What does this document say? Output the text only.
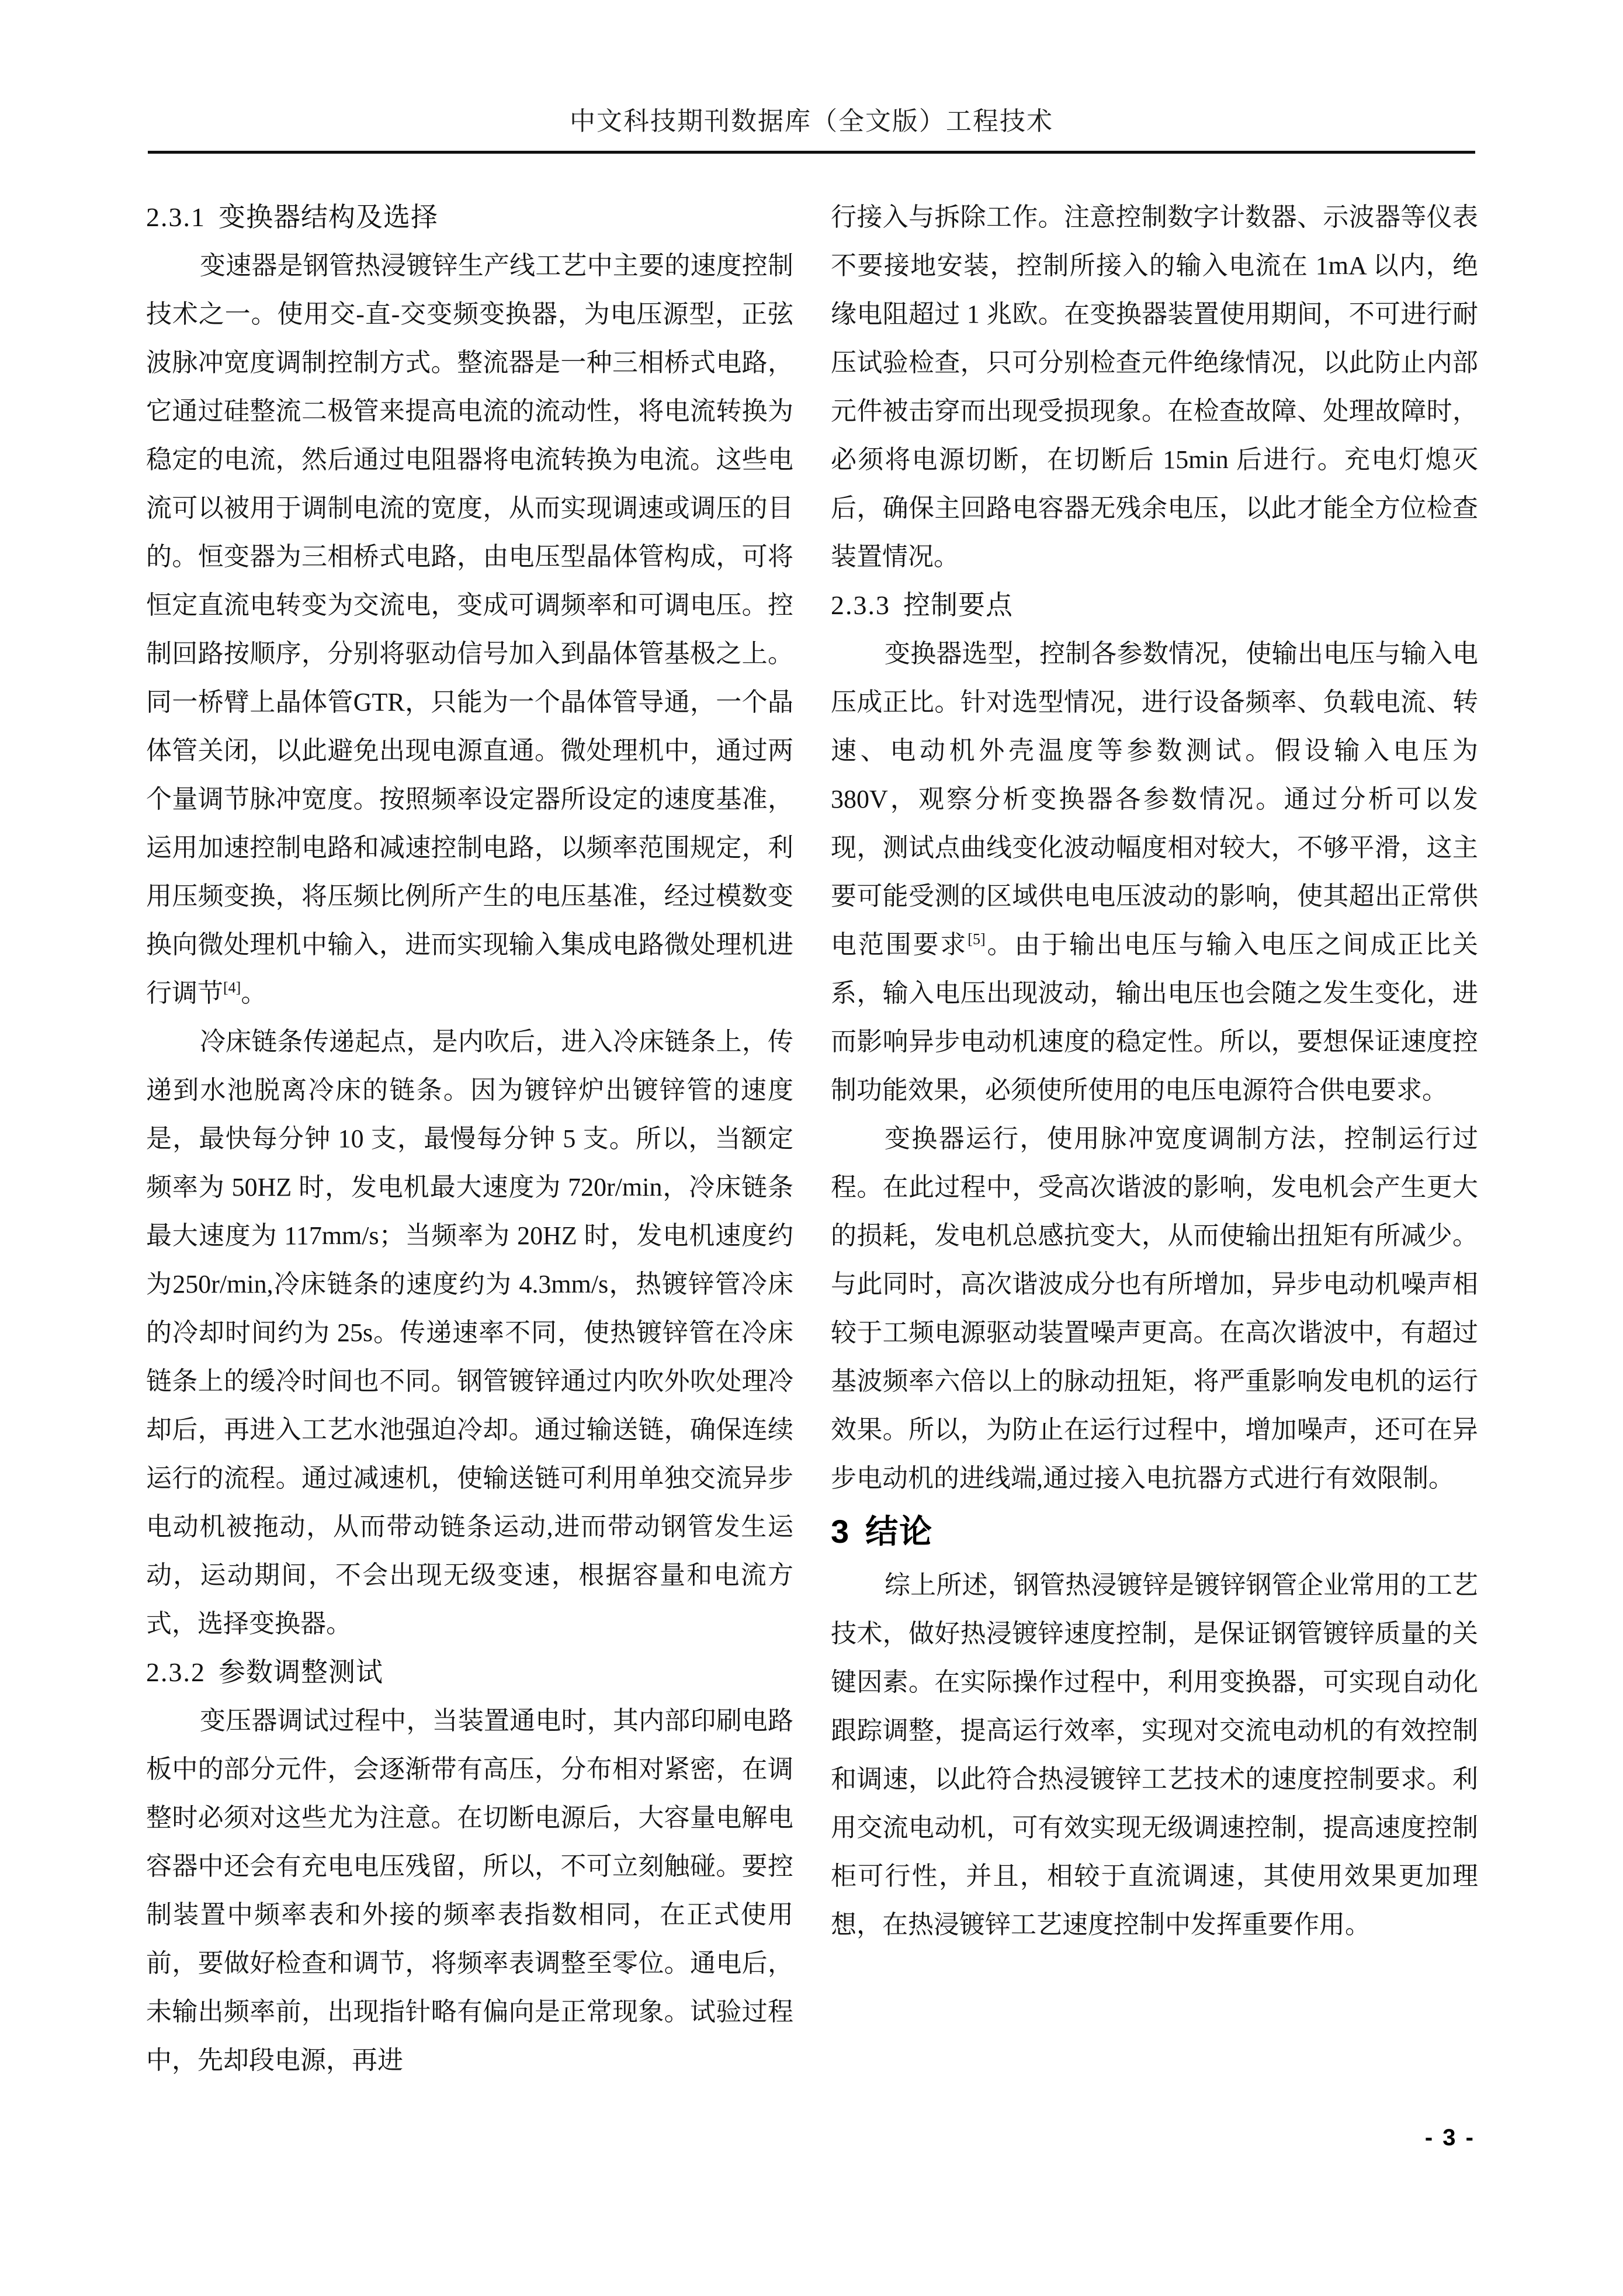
中文科技期刊数据库（全文版）工程技术
2.3.1 变换器结构及选择

变速器是钢管热浸镀锌生产线工艺中主要的速度控制技术之一。使用交-直-交变频变换器，为电压源型，正弦波脉冲宽度调制控制方式。整流器是一种三相桥式电路，它通过硅整流二极管来提高电流的流动性，将电流转换为稳定的电流，然后通过电阻器将电流转换为电流。这些电流可以被用于调制电流的宽度，从而实现调速或调压的目的。恒变器为三相桥式电路，由电压型晶体管构成，可将恒定直流电转变为交流电，变成可调频率和可调电压。控制回路按顺序，分别将驱动信号加入到晶体管基极之上。同一桥臂上晶体管GTR，只能为一个晶体管导通，一个晶体管关闭，以此避免出现电源直通。微处理机中，通过两个量调节脉冲宽度。按照频率设定器所设定的速度基准，运用加速控制电路和减速控制电路，以频率范围规定，利用压频变换，将压频比例所产生的电压基准，经过模数变换向微处理机中输入，进而实现输入集成电路微处理机进行调节[4]。

冷床链条传递起点，是内吹后，进入冷床链条上，传递到水池脱离冷床的链条。因为镀锌炉出镀锌管的速度是，最快每分钟 10 支，最慢每分钟 5 支。所以，当额定频率为 50HZ 时，发电机最大速度为 720r/min，冷床链条最大速度为 117mm/s；当频率为 20HZ 时，发电机速度约为250r/min,冷床链条的速度约为 4.3mm/s，热镀锌管冷床的冷却时间约为 25s。传递速率不同，使热镀锌管在冷床链条上的缓冷时间也不同。钢管镀锌通过内吹外吹处理冷却后，再进入工艺水池强迫冷却。通过输送链，确保连续运行的流程。通过减速机，使输送链可利用单独交流异步电动机被拖动，从而带动链条运动,进而带动钢管发生运动，运动期间，不会出现无级变速，根据容量和电流方式，选择变换器。

2.3.2 参数调整测试

变压器调试过程中，当装置通电时，其内部印刷电路板中的部分元件，会逐渐带有高压，分布相对紧密，在调整时必须对这些尤为注意。在切断电源后，大容量电解电容器中还会有充电电压残留，所以，不可立刻触碰。要控制装置中频率表和外接的频率表指数相同，在正式使用前，要做好检查和调节，将频率表调整至零位。通电后，未输出频率前，出现指针略有偏向是正常现象。试验过程中，先却段电源，再进

行接入与拆除工作。注意控制数字计数器、示波器等仪表不要接地安装，控制所接入的输入电流在 1mA 以内，绝缘电阻超过 1 兆欧。在变换器装置使用期间，不可进行耐压试验检查，只可分别检查元件绝缘情况，以此防止内部元件被击穿而出现受损现象。在检查故障、处理故障时，必须将电源切断，在切断后 15min 后进行。充电灯熄灭后，确保主回路电容器无残余电压，以此才能全方位检查装置情况。

2.3.3 控制要点

变换器选型，控制各参数情况，使输出电压与输入电压成正比。针对选型情况，进行设备频率、负载电流、转速、电动机外壳温度等参数测试。假设输入电压为 380V，观察分析变换器各参数情况。通过分析可以发现，测试点曲线变化波动幅度相对较大，不够平滑，这主要可能受测的区域供电电压波动的影响，使其超出正常供电范围要求[5]。由于输出电压与输入电压之间成正比关系，输入电压出现波动，输出电压也会随之发生变化，进而影响异步电动机速度的稳定性。所以，要想保证速度控制功能效果，必须使所使用的电压电源符合供电要求。

变换器运行，使用脉冲宽度调制方法，控制运行过程。在此过程中，受高次谐波的影响，发电机会产生更大的损耗，发电机总感抗变大，从而使输出扭矩有所减少。与此同时，高次谐波成分也有所增加，异步电动机噪声相较于工频电源驱动装置噪声更高。在高次谐波中，有超过基波频率六倍以上的脉动扭矩，将严重影响发电机的运行效果。所以，为防止在运行过程中，增加噪声，还可在异步电动机的进线端,通过接入电抗器方式进行有效限制。

3 结论

综上所述，钢管热浸镀锌是镀锌钢管企业常用的工艺技术，做好热浸镀锌速度控制，是保证钢管镀锌质量的关键因素。在实际操作过程中，利用变换器，可实现自动化跟踪调整，提高运行效率，实现对交流电动机的有效控制和调速，以此符合热浸镀锌工艺技术的速度控制要求。利用交流电动机，可有效实现无级调速控制，提高速度控制柜可行性，并且，相较于直流调速，其使用效果更加理想，在热浸镀锌工艺速度控制中发挥重要作用。

- 3 -
